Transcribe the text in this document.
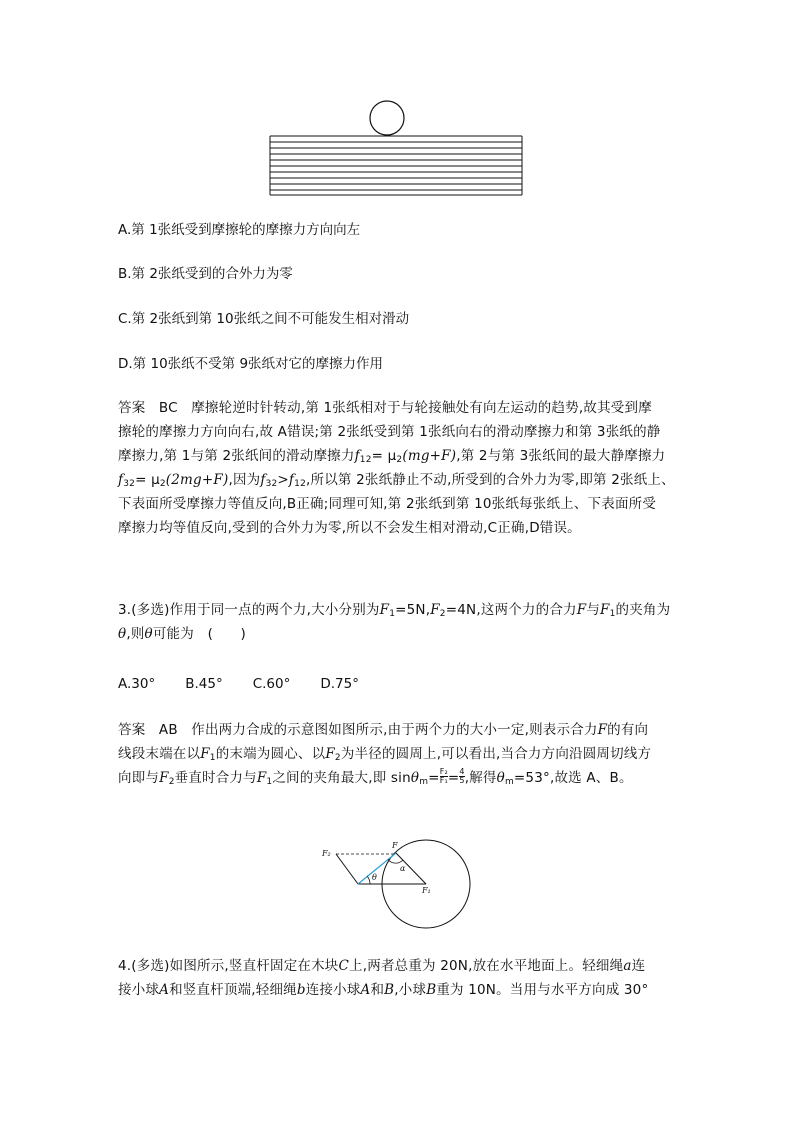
A.第 1张纸受到摩擦轮的摩擦力方向向左
B.第 2张纸受到的合外力为零
C.第 2张纸到第 10张纸之间不可能发生相对滑动
D.第 10张纸不受第 9张纸对它的摩擦力作用
答案 BC 摩擦轮逆时针转动,第 1张纸相对于与轮接触处有向左运动的趋势,故其受到摩
擦轮的摩擦力方向向右,故 A错误;第 2张纸受到第 1张纸向右的滑动摩擦力和第 3张纸的静
摩擦力,第 1与第 2张纸间的滑动摩擦力$f_{12}= \mu_2(mg+F)$,第 2与第 3张纸间的最大静摩擦力
$f_{32}= \mu_2(2mg+F)$,因为$f_{32}>f_{12}$,所以第 2张纸静止不动,所受到的合外力为零,即第 2张纸上、
下表面所受摩擦力等值反向,B正确;同理可知,第 2张纸到第 10张纸每张纸上、下表面所受
摩擦力均等值反向,受到的合外力为零,所以不会发生相对滑动,C正确,D错误。
3.(多选)作用于同一点的两个力,大小分别为$F_1=5N,F_2=4N$,这两个力的合力F与$F_1$的夹角为
θ,则θ可能为　(　　)
A.30° B.45° C.60° D.75°
答案 AB 作出两力合成的示意图如图所示,由于两个力的大小一定,则表示合力F的有向
线段末端在以$F_1$的末端为圆心、以$F_2$为半径的圆周上,可以看出,当合力方向沿圆周切线方
向即与$F_2$垂直时合力与$F_1$之间的夹角最大,即 $\sin\theta_m= \frac{\text{F₂}}{\text{F₁}} = \frac{4}{5}$ ,解得$\theta_m=53^\circ$,故选 A、B。
F₂
F
α
θ
F₁
4.(多选)如图所示,竖直杆固定在木块C上,两者总重为 20N,放在水平地面上。轻细绳a连
接小球A和竖直杆顶端,轻细绳b连接小球A和B,小球B重为 10N。当用与水平方向成 30°
